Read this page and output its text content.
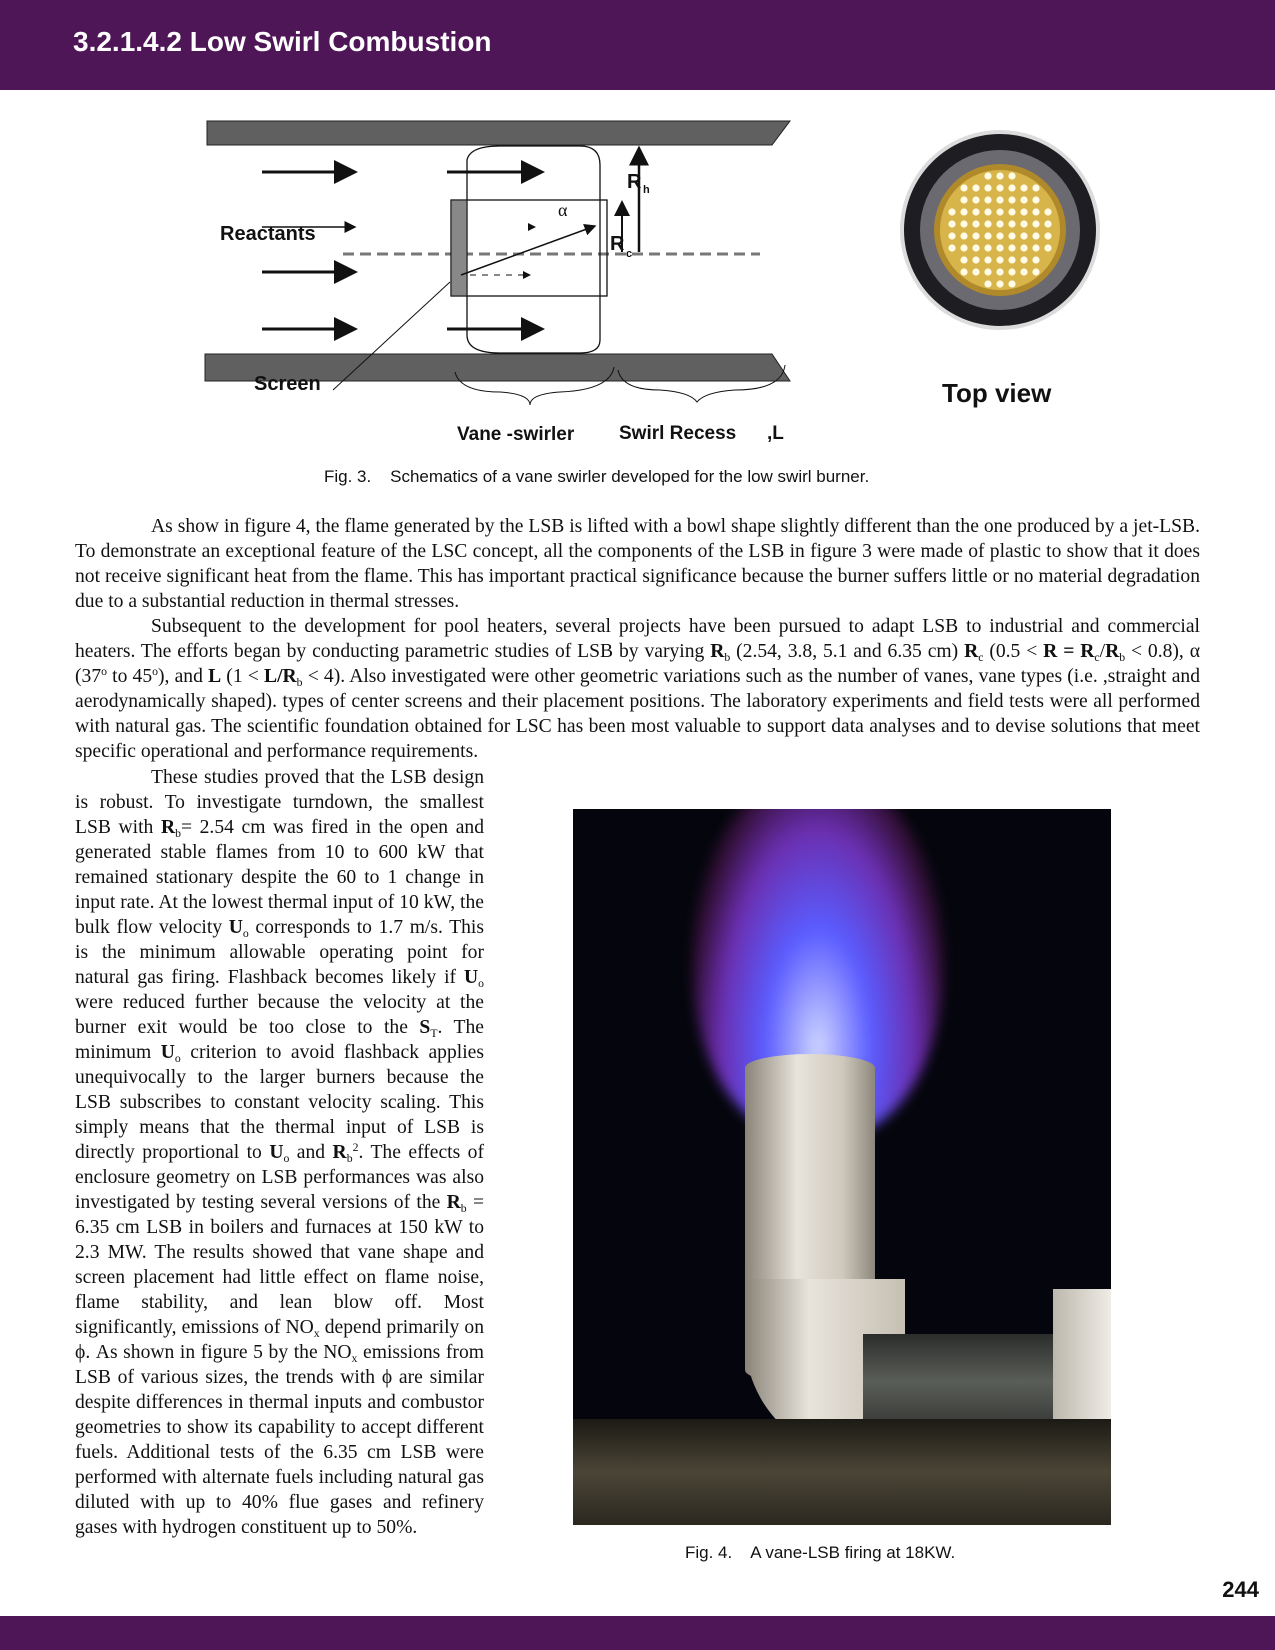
3.2.1.4.2 Low Swirl Combustion
Reactants
Screen
α
R h
R c
Vane -swirler Swirl Recess ,L
Top view
Fig. 3.    Schematics of a vane swirler developed for the low swirl burner.

As show in figure 4, the flame generated by the LSB is lifted with a bowl shape slightly different than the one produced by a jet-LSB. To demonstrate an exceptional feature of the LSC concept, all the components of the LSB in figure 3 were made of plastic to show that it does not receive significant heat from the flame. This has important practical significance because the burner suffers little or no material degradation due to a substantial reduction in thermal stresses.

Subsequent to the development for pool heaters, several projects have been pursued to adapt LSB to industrial and commercial heaters. The efforts began by conducting parametric studies of LSB by varying $R_b$ (2.54, 3.8, 5.1 and 6.35 cm) $R_c$ $(0.5 < R = R_c/R_b < 0.8)$, α (37$^o$ to 45$^o$), and L $(1 < L/R_b < 4)$. Also investigated were other geometric variations such as the number of vanes, vane types (i.e. ,straight and aerodynamically shaped). types of center screens and their placement positions. The laboratory experiments and field tests were all performed with natural gas. The scientific foundation obtained for LSC has been most valuable to support data analyses and to devise solutions that meet specific operational and performance requirements.

These studies proved that the LSB design is robust. To investigate turndown, the smallest LSB with $R_b= 2.54$ cm was fired in the open and generated stable flames from 10 to 600 kW that remained stationary despite the 60 to 1 change in input rate. At the lowest thermal input of 10 kW, the bulk flow velocity $U_o$ corresponds to 1.7 m/s. This is the minimum allowable operating point for natural gas firing. Flashback becomes likely if $U_o$ were reduced further because the velocity at the burner exit would be too close to the $S_T$. The minimum $U_o$ criterion to avoid flashback applies unequivocally to the larger burners because the LSB subscribes to constant velocity scaling. This simply means that the thermal input of LSB is directly proportional to $U_o$ and $R_b^2$. The effects of enclosure geometry on LSB performances was also investigated by testing several versions of the $R_b = 6.35$ cm LSB in boilers and furnaces at 150 kW to 2.3 MW. The results showed that vane shape and screen placement had little effect on flame noise, flame stability, and lean blow off. Most significantly, emissions of $NO_x$ depend primarily on ϕ. As shown in figure 5 by the $NO_x$ emissions from LSB of various sizes, the trends with ϕ are similar despite differences in thermal inputs and combustor geometries to show its capability to accept different fuels. Additional tests of the 6.35 cm LSB were performed with alternate fuels including natural gas diluted with up to 40% flue gases and refinery gases with hydrogen constituent up to 50%.

Fig. 4.    A vane-LSB firing at 18KW.
244
